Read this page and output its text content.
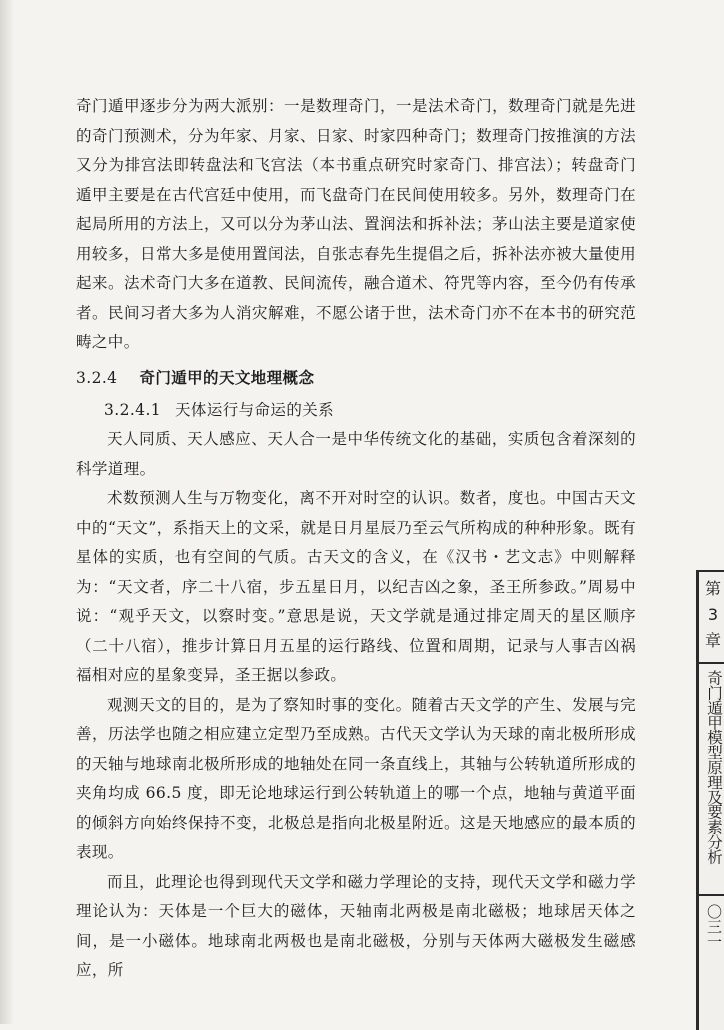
奇门遁甲逐步分为两大派别：一是数理奇门，一是法术奇门，数理奇门就是先进的奇门预测术，分为年家、月家、日家、时家四种奇门；数理奇门按推演的方法又分为排宫法即转盘法和飞宫法（本书重点研究时家奇门、排宫法）；转盘奇门遁甲主要是在古代宫廷中使用，而飞盘奇门在民间使用较多。另外，数理奇门在起局所用的方法上，又可以分为茅山法、置润法和拆补法；茅山法主要是道家使用较多，日常大多是使用置闰法，自张志春先生提倡之后，拆补法亦被大量使用起来。法术奇门大多在道教、民间流传，融合道术、符咒等内容，至今仍有传承者。民间习者大多为人消灾解难，不愿公诸于世，法术奇门亦不在本书的研究范畴之中。

3.2.4 奇门遁甲的天文地理概念
3.2.4.1 天体运行与命运的关系

天人同质、天人感应、天人合一是中华传统文化的基础，实质包含着深刻的科学道理。

术数预测人生与万物变化，离不开对时空的认识。数者，度也。中国古天文中的“天文”，系指天上的文采，就是日月星辰乃至云气所构成的种种形象。既有星体的实质，也有空间的气质。古天文的含义，在《汉书・艺文志》中则解释为：“天文者，序二十八宿，步五星日月，以纪吉凶之象，圣王所参政。”周易中说：“观乎天文，以察时变。”意思是说，天文学就是通过排定周天的星区顺序（二十八宿），推步计算日月五星的运行路线、位置和周期，记录与人事吉凶祸福相对应的星象变异，圣王据以参政。

观测天文的目的，是为了察知时事的变化。随着古天文学的产生、发展与完善，历法学也随之相应建立定型乃至成熟。古代天文学认为天球的南北极所形成的天轴与地球南北极所形成的地轴处在同一条直线上，其轴与公转轨道所形成的夹角均成 66.5 度，即无论地球运行到公转轨道上的哪一个点，地轴与黄道平面的倾斜方向始终保持不变，北极总是指向北极星附近。这是天地感应的最本质的表现。

而且，此理论也得到现代天文学和磁力学理论的支持，现代天文学和磁力学理论认为：天体是一个巨大的磁体，天轴南北两极是南北磁极；地球居天体之间，是一小磁体。地球南北两极也是南北磁极，分别与天体两大磁极发生磁感应，所

第
3
章
奇门遁甲模型原理及要素分析
〇三一
